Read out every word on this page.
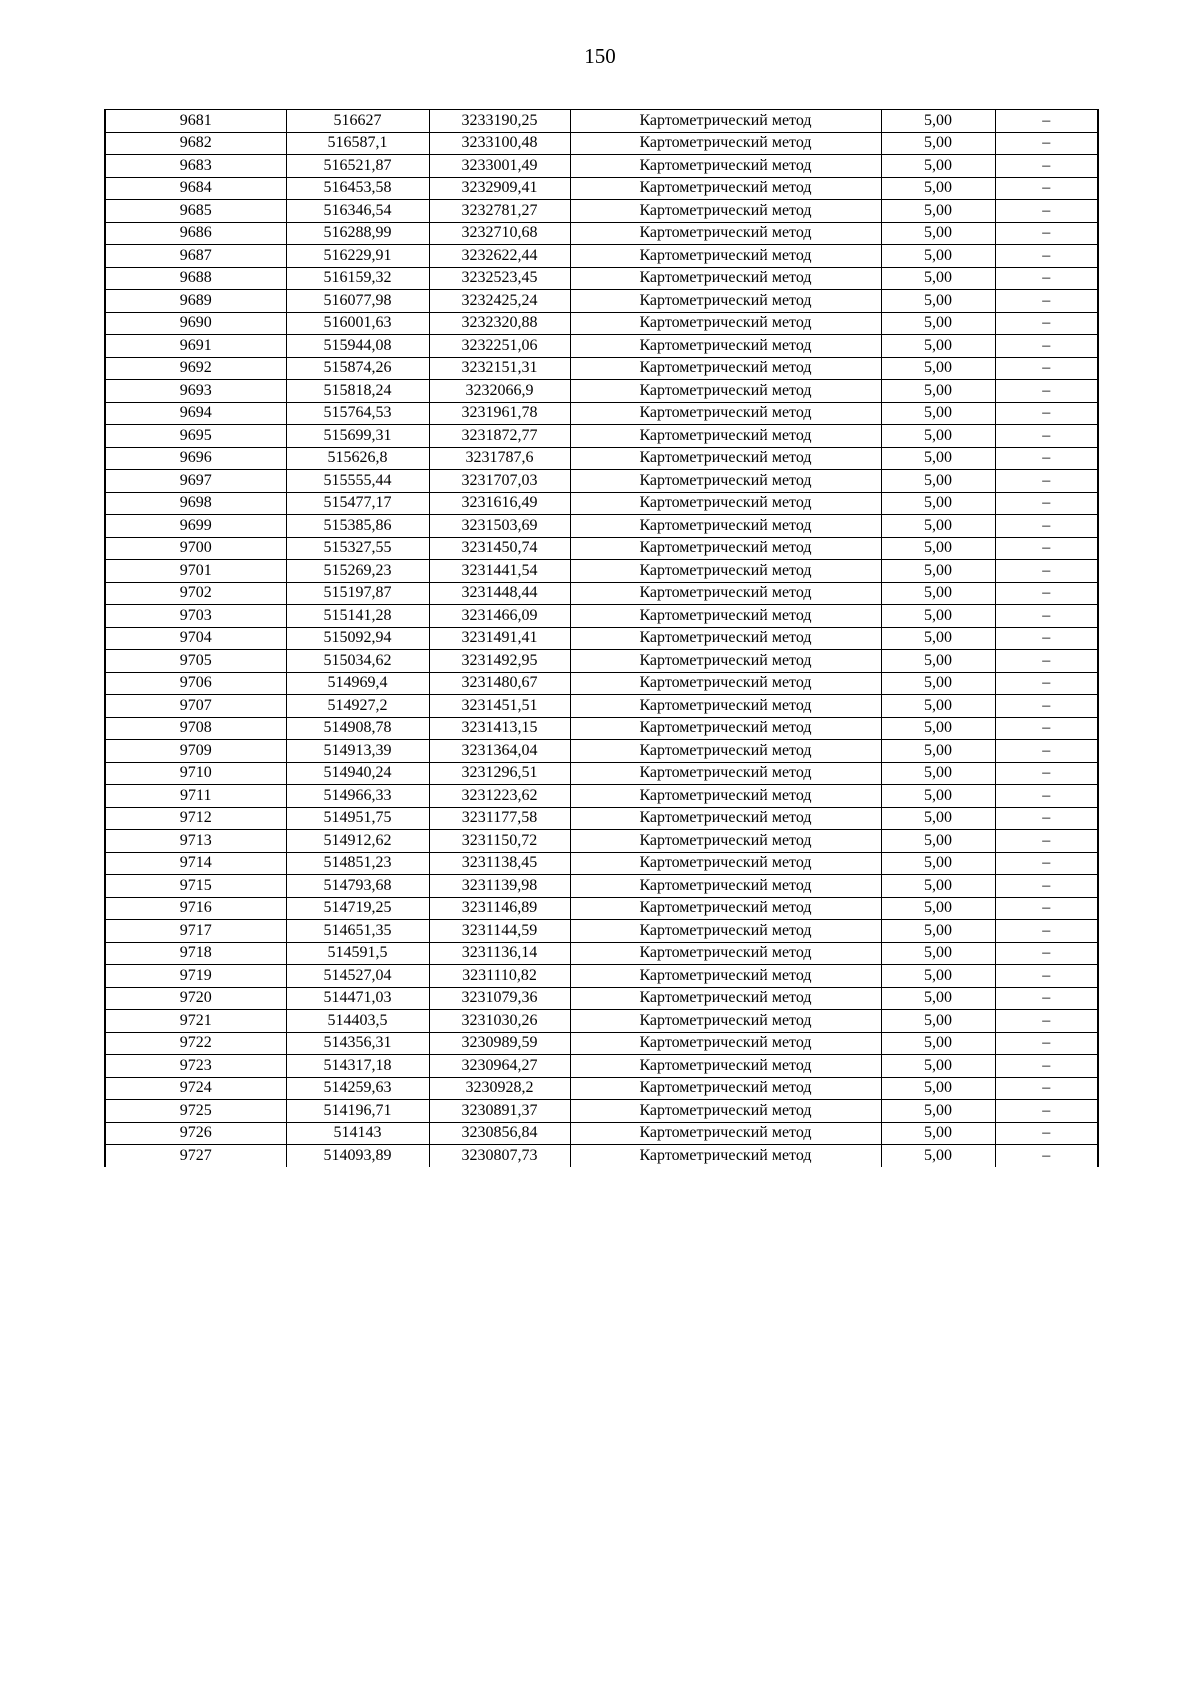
150
9681	516627	3233190,25	Картометрический метод	5,00	–
9682	516587,1	3233100,48	Картометрический метод	5,00	–
9683	516521,87	3233001,49	Картометрический метод	5,00	–
9684	516453,58	3232909,41	Картометрический метод	5,00	–
9685	516346,54	3232781,27	Картометрический метод	5,00	–
9686	516288,99	3232710,68	Картометрический метод	5,00	–
9687	516229,91	3232622,44	Картометрический метод	5,00	–
9688	516159,32	3232523,45	Картометрический метод	5,00	–
9689	516077,98	3232425,24	Картометрический метод	5,00	–
9690	516001,63	3232320,88	Картометрический метод	5,00	–
9691	515944,08	3232251,06	Картометрический метод	5,00	–
9692	515874,26	3232151,31	Картометрический метод	5,00	–
9693	515818,24	3232066,9	Картометрический метод	5,00	–
9694	515764,53	3231961,78	Картометрический метод	5,00	–
9695	515699,31	3231872,77	Картометрический метод	5,00	–
9696	515626,8	3231787,6	Картометрический метод	5,00	–
9697	515555,44	3231707,03	Картометрический метод	5,00	–
9698	515477,17	3231616,49	Картометрический метод	5,00	–
9699	515385,86	3231503,69	Картометрический метод	5,00	–
9700	515327,55	3231450,74	Картометрический метод	5,00	–
9701	515269,23	3231441,54	Картометрический метод	5,00	–
9702	515197,87	3231448,44	Картометрический метод	5,00	–
9703	515141,28	3231466,09	Картометрический метод	5,00	–
9704	515092,94	3231491,41	Картометрический метод	5,00	–
9705	515034,62	3231492,95	Картометрический метод	5,00	–
9706	514969,4	3231480,67	Картометрический метод	5,00	–
9707	514927,2	3231451,51	Картометрический метод	5,00	–
9708	514908,78	3231413,15	Картометрический метод	5,00	–
9709	514913,39	3231364,04	Картометрический метод	5,00	–
9710	514940,24	3231296,51	Картометрический метод	5,00	–
9711	514966,33	3231223,62	Картометрический метод	5,00	–
9712	514951,75	3231177,58	Картометрический метод	5,00	–
9713	514912,62	3231150,72	Картометрический метод	5,00	–
9714	514851,23	3231138,45	Картометрический метод	5,00	–
9715	514793,68	3231139,98	Картометрический метод	5,00	–
9716	514719,25	3231146,89	Картометрический метод	5,00	–
9717	514651,35	3231144,59	Картометрический метод	5,00	–
9718	514591,5	3231136,14	Картометрический метод	5,00	–
9719	514527,04	3231110,82	Картометрический метод	5,00	–
9720	514471,03	3231079,36	Картометрический метод	5,00	–
9721	514403,5	3231030,26	Картометрический метод	5,00	–
9722	514356,31	3230989,59	Картометрический метод	5,00	–
9723	514317,18	3230964,27	Картометрический метод	5,00	–
9724	514259,63	3230928,2	Картометрический метод	5,00	–
9725	514196,71	3230891,37	Картометрический метод	5,00	–
9726	514143	3230856,84	Картометрический метод	5,00	–
9727	514093,89	3230807,73	Картометрический метод	5,00	–
